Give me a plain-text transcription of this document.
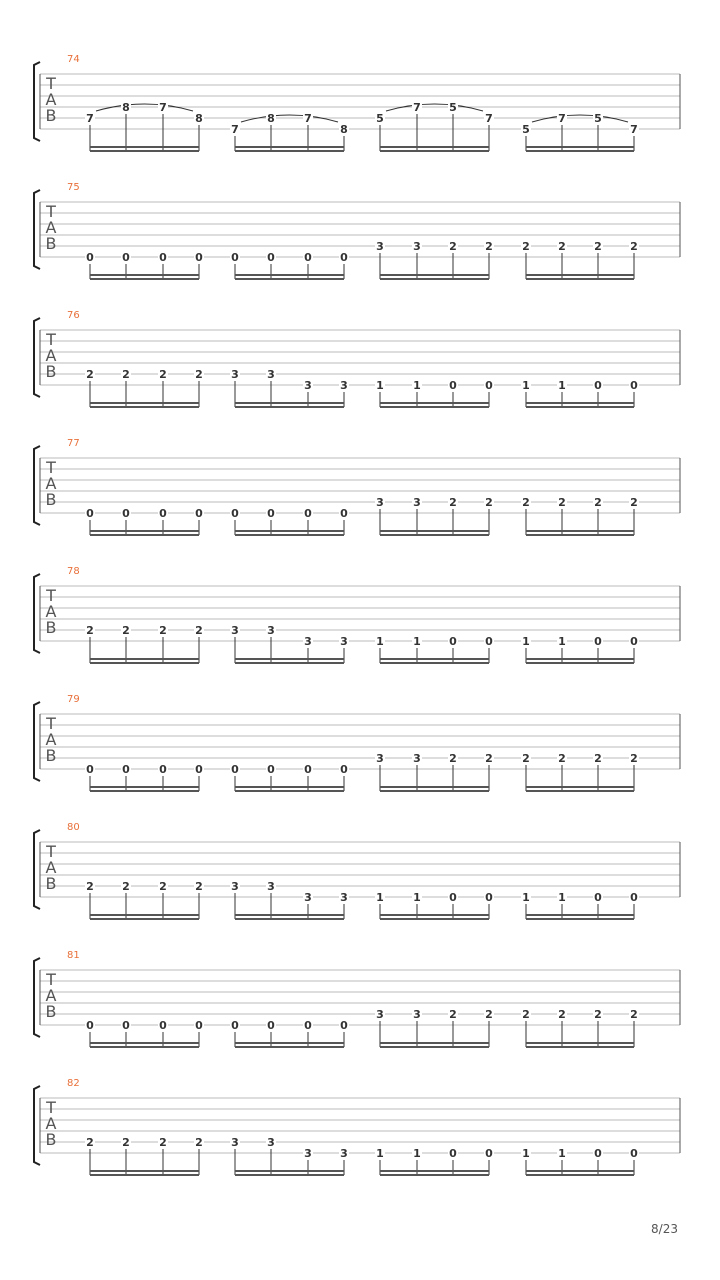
74
T
A
B	7
8	7
8
7
8	7
8
5
7	5
7
5
7	5
7
75
T
A
B
0	0	0	0	0	0	0	0
3	3	2	2	2	2	2	2
76
T
A
B	2	2	2	2	3	3
3	3	1	1	0	0	1	1	0	0
77
T
A
B
0	0	0	0	0	0	0	0
3	3	2	2	2	2	2	2
78
T
A
B	2	2	2	2	3	3
3	3	1	1	0	0	1	1	0	0
79
T
A
B
0	0	0	0	0	0	0	0
3	3	2	2	2	2	2	2
80
T
A
B	2	2	2	2	3	3
3	3	1	1	0	0	1	1	0	0
81
T
A
B
0	0	0	0	0	0	0	0
3	3	2	2	2	2	2	2
82
T
A
B	2	2	2	2	3	3
3	3	1	1	0	0	1	1	0	0
8/23
